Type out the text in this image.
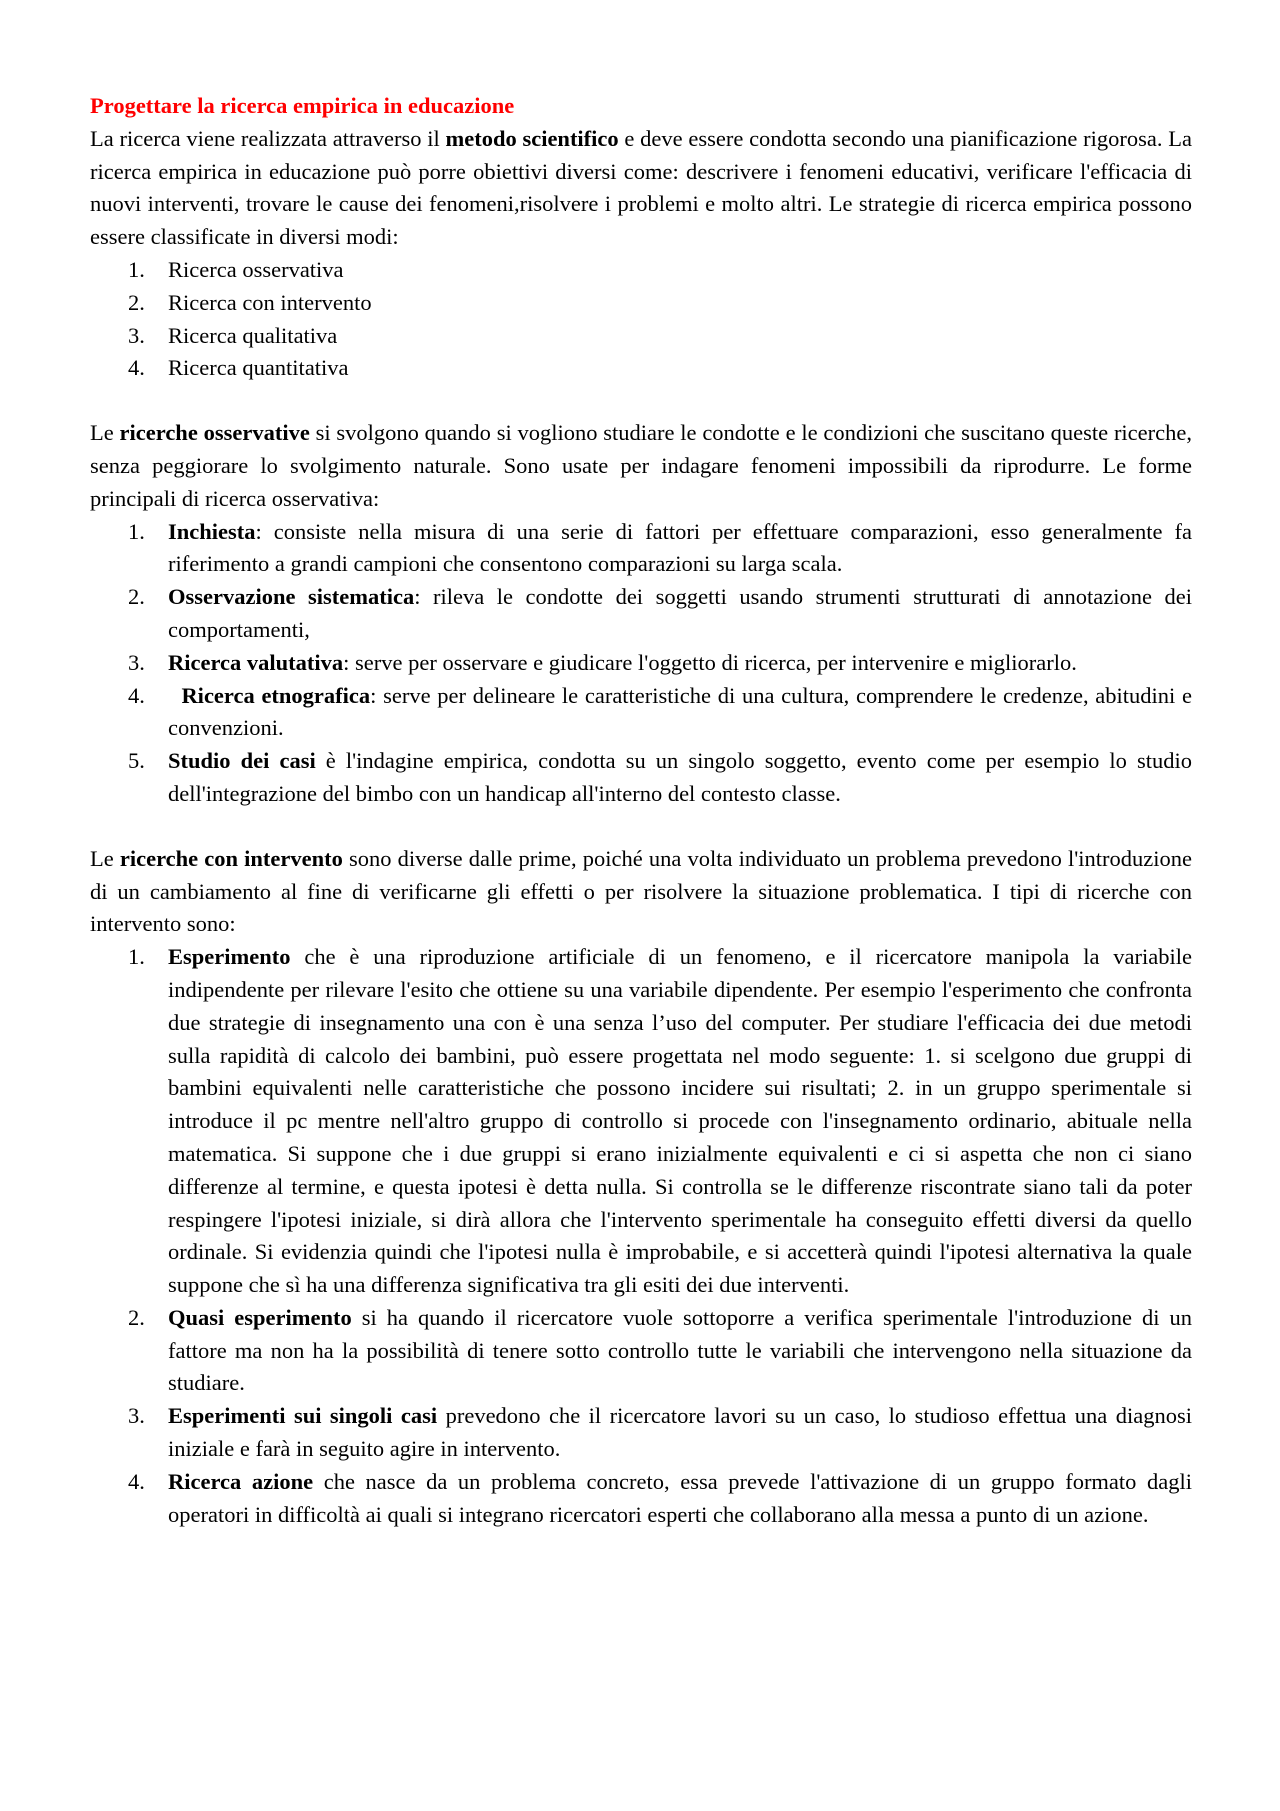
Progettare la ricerca empirica in educazione

La ricerca viene realizzata attraverso il metodo scientifico e deve essere condotta secondo una pianificazione rigorosa. La ricerca empirica in educazione può porre obiettivi diversi come: descrivere i fenomeni educativi, verificare l'efficacia di nuovi interventi, trovare le cause dei fenomeni,risolvere i problemi e molto altri. Le strategie di ricerca empirica possono essere classificate in diversi modi:

1. Ricerca osservativa
2. Ricerca con intervento
3. Ricerca qualitativa
4. Ricerca quantitativa

Le ricerche osservative si svolgono quando si vogliono studiare le condotte e le condizioni che suscitano queste ricerche, senza peggiorare lo svolgimento naturale. Sono usate per indagare fenomeni impossibili da riprodurre. Le forme principali di ricerca osservativa:

1. Inchiesta: consiste nella misura di una serie di fattori per effettuare comparazioni, esso generalmente fa riferimento a grandi campioni che consentono comparazioni su larga scala.
2. Osservazione sistematica: rileva le condotte dei soggetti usando strumenti strutturati di annotazione dei comportamenti,
3. Ricerca valutativa: serve per osservare e giudicare l'oggetto di ricerca, per intervenire e migliorarlo.
4. Ricerca etnografica: serve per delineare le caratteristiche di una cultura, comprendere le credenze, abitudini e convenzioni.
5. Studio dei casi è l'indagine empirica, condotta su un singolo soggetto, evento come per esempio lo studio dell'integrazione del bimbo con un handicap all'interno del contesto classe.

Le ricerche con intervento sono diverse dalle prime, poiché una volta individuato un problema prevedono l'introduzione di un cambiamento al fine di verificarne gli effetti o per risolvere la situazione problematica. I tipi di ricerche con intervento sono:

1. Esperimento che è una riproduzione artificiale di un fenomeno, e il ricercatore manipola la variabile indipendente per rilevare l'esito che ottiene su una variabile dipendente. Per esempio l'esperimento che confronta due strategie di insegnamento una con è una senza l’uso del computer. Per studiare l'efficacia dei due metodi sulla rapidità di calcolo dei bambini, può essere progettata nel modo seguente: 1. si scelgono due gruppi di bambini equivalenti nelle caratteristiche che possono incidere sui risultati; 2. in un gruppo sperimentale si introduce il pc mentre nell'altro gruppo di controllo si procede con l'insegnamento ordinario, abituale nella matematica. Si suppone che i due gruppi si erano inizialmente equivalenti e ci si aspetta che non ci siano differenze al termine, e questa ipotesi è detta nulla. Si controlla se le differenze riscontrate siano tali da poter respingere l'ipotesi iniziale, si dirà allora che l'intervento sperimentale ha conseguito effetti diversi da quello ordinale. Si evidenzia quindi che l'ipotesi nulla è improbabile, e si accetterà quindi l'ipotesi alternativa la quale suppone che sì ha una differenza significativa tra gli esiti dei due interventi.
2. Quasi esperimento si ha quando il ricercatore vuole sottoporre a verifica sperimentale l'introduzione di un fattore ma non ha la possibilità di tenere sotto controllo tutte le variabili che intervengono nella situazione da studiare.
3. Esperimenti sui singoli casi prevedono che il ricercatore lavori su un caso, lo studioso effettua una diagnosi iniziale e farà in seguito agire in intervento.
4. Ricerca azione che nasce da un problema concreto, essa prevede l'attivazione di un gruppo formato dagli operatori in difficoltà ai quali si integrano ricercatori esperti che collaborano alla messa a punto di un azione.
